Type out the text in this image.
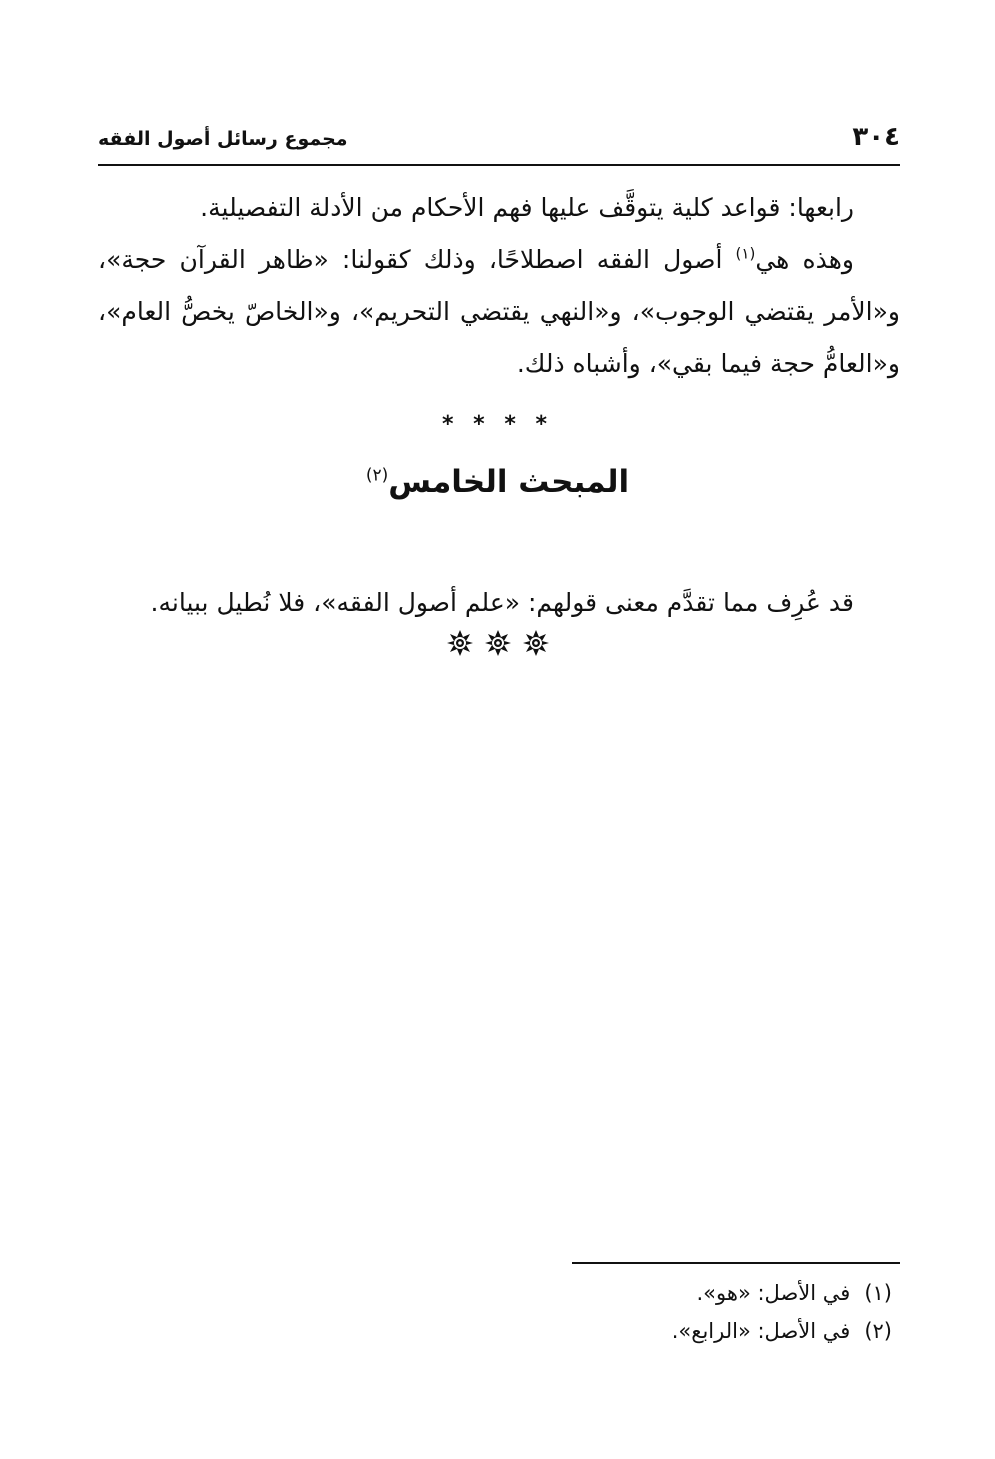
٣٠٤
مجموع رسائل أصول الفقه

رابعها: قواعد كلية يتوقَّف عليها فهم الأحكام من الأدلة التفصيلية.

وهذه هي$^{(١)}$ أصول الفقه اصطلاحًا، وذلك كقولنا: «ظاهر القرآن حجة»، و«الأمر يقتضي الوجوب»، و«النهي يقتضي التحريم»، و«الخاصّ يخصُّ العام»، و«العامُّ حجة فيما بقي»، وأشباه ذلك.

* * * *
المبحث الخامس$^{(٢)}$

قد عُرِف مما تقدَّم معنى قولهم: «علم أصول الفقه»، فلا نُطيل ببيانه.

(١)في الأصل: «هو».
(٢)في الأصل: «الرابع».
